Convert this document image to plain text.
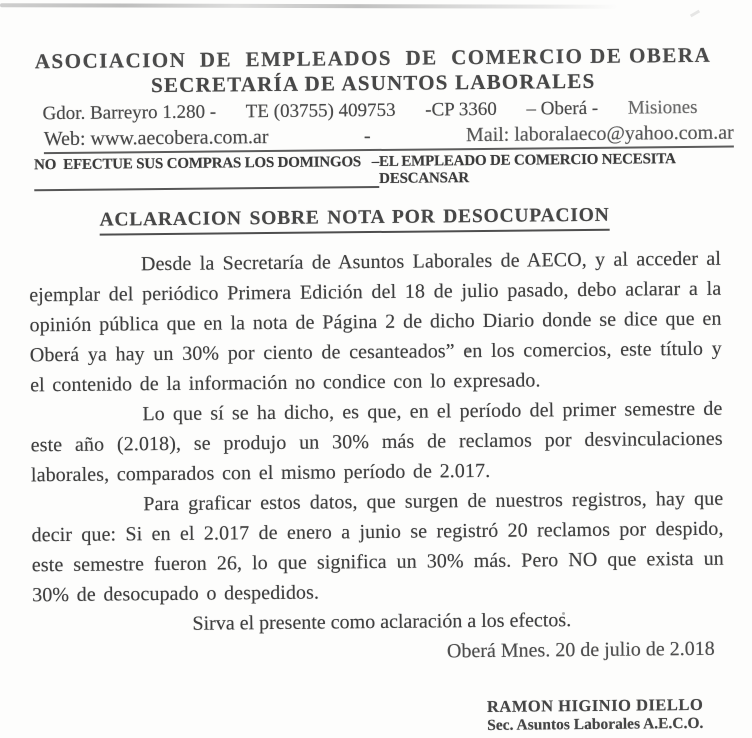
ASOCIACION  DE  EMPLEADOS  DE  COMERCIO DE OBERA
SECRETARÍA DE ASUNTOS LABORALES
Gdor. Barreyro 1.280 - TE (03755) 409753 -CP 3360 – Oberá - Misiones
Web: www.aecobera.com.ar	-	Mail: laboralaeco@yahoo.com.ar
NO  EFECTUE SUS COMPRAS LOS DOMINGOS   – EL EMPLEADO DE COMERCIO NECESITA DESCANSAR
ACLARACION SOBRE NOTA POR DESOCUPACION

Desde la Secretaría de Asuntos Laborales de AECO, y al acceder al ejemplar del periódico Primera Edición del 18 de julio pasado, debo aclarar a la opinión pública que en la nota de Página 2 de dicho Diario donde se dice que en Oberá ya hay un 30% por ciento de cesanteados” en los comercios, este título y el contenido de la información no condice con lo expresado.

Lo que sí se ha dicho, es que, en el período del primer semestre de este año (2.018), se produjo un 30% más de reclamos por desvinculaciones laborales, comparados con el mismo período de 2.017.

Para graficar estos datos, que surgen de nuestros registros, hay que decir que: Si en el 2.017 de enero a junio se registró 20 reclamos por despido, este semestre fueron 26, lo que significa un 30% más. Pero NO que exista un 30% de desocupado o despedidos.

Sirva el presente como aclaración a los efectos.

Oberá Mnes. 20 de julio de 2.018

RAMON HIGINIO DIELLO
Sec. Asuntos Laborales A.E.C.O.
